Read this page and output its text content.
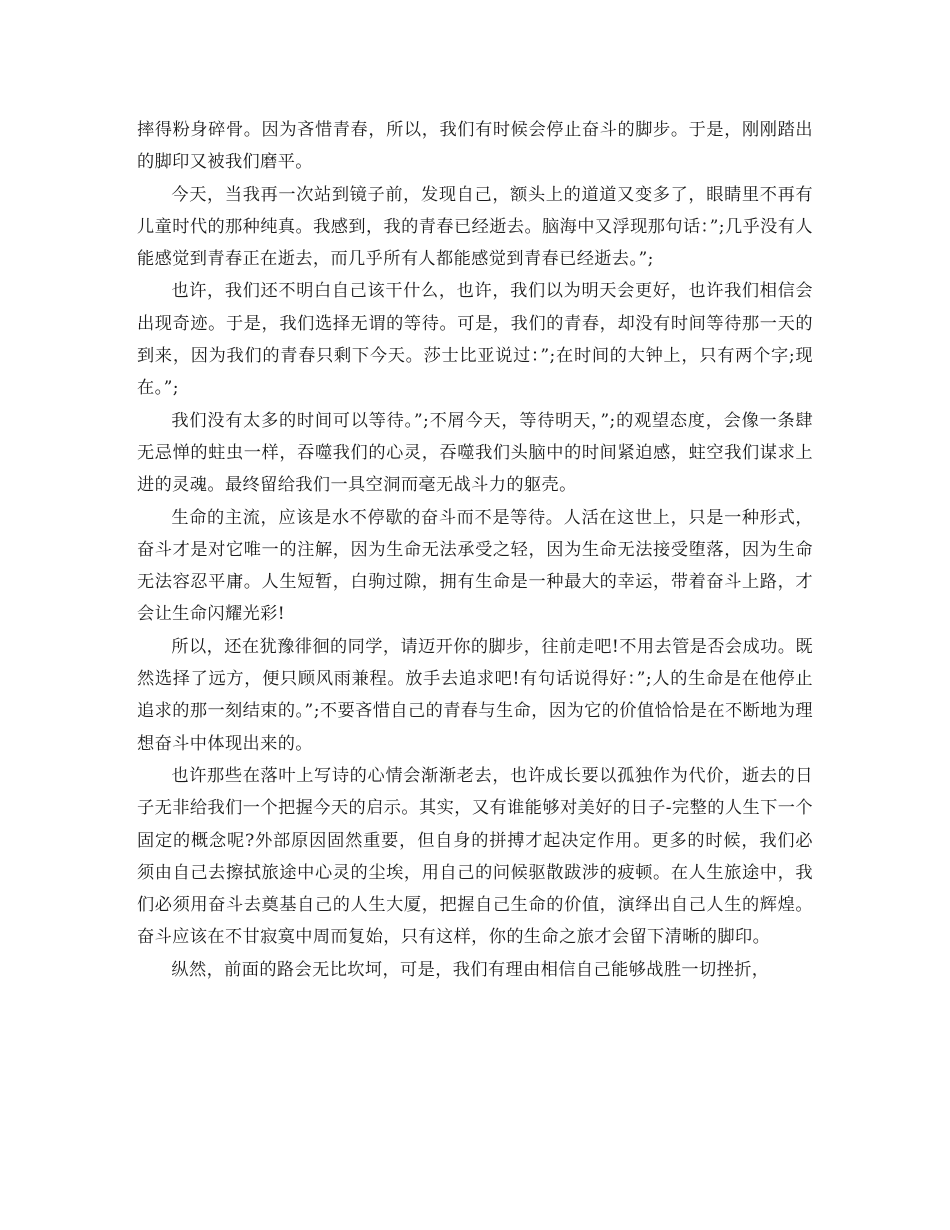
摔得粉身碎骨。因为吝惜青春，所以，我们有时候会停止奋斗的脚步。于是，刚刚踏出的脚印又被我们磨平。

今天，当我再一次站到镜子前，发现自己，额头上的道道又变多了，眼睛里不再有儿童时代的那种纯真。我感到，我的青春已经逝去。脑海中又浮现那句话：”;几乎没有人能感觉到青春正在逝去，而几乎所有人都能感觉到青春已经逝去。”;

也许，我们还不明白自己该干什么，也许，我们以为明天会更好，也许我们相信会出现奇迹。于是，我们选择无谓的等待。可是，我们的青春，却没有时间等待那一天的到来，因为我们的青春只剩下今天。莎士比亚说过：”;在时间的大钟上，只有两个字;现在。”;

我们没有太多的时间可以等待。”;不屑今天，等待明天，”;的观望态度，会像一条肆无忌惮的蛀虫一样，吞噬我们的心灵，吞噬我们头脑中的时间紧迫感，蛀空我们谋求上进的灵魂。最终留给我们一具空洞而毫无战斗力的躯壳。

生命的主流，应该是水不停歇的奋斗而不是等待。人活在这世上，只是一种形式，奋斗才是对它唯一的注解，因为生命无法承受之轻，因为生命无法接受堕落，因为生命无法容忍平庸。人生短暂，白驹过隙，拥有生命是一种最大的幸运，带着奋斗上路，才会让生命闪耀光彩!

所以，还在犹豫徘徊的同学，请迈开你的脚步，往前走吧!不用去管是否会成功。既然选择了远方，便只顾风雨兼程。放手去追求吧!有句话说得好：”;人的生命是在他停止追求的那一刻结束的。”;不要吝惜自己的青春与生命，因为它的价值恰恰是在不断地为理想奋斗中体现出来的。

也许那些在落叶上写诗的心情会渐渐老去，也许成长要以孤独作为代价，逝去的日子无非给我们一个把握今天的启示。其实，又有谁能够对美好的日子-完整的人生下一个固定的概念呢?外部原因固然重要，但自身的拼搏才起决定作用。更多的时候，我们必须由自己去擦拭旅途中心灵的尘埃，用自己的问候驱散跋涉的疲顿。在人生旅途中，我们必须用奋斗去奠基自己的人生大厦，把握自己生命的价值，演绎出自己人生的辉煌。奋斗应该在不甘寂寞中周而复始，只有这样，你的生命之旅才会留下清晰的脚印。

纵然，前面的路会无比坎坷，可是，我们有理由相信自己能够战胜一切挫折，
